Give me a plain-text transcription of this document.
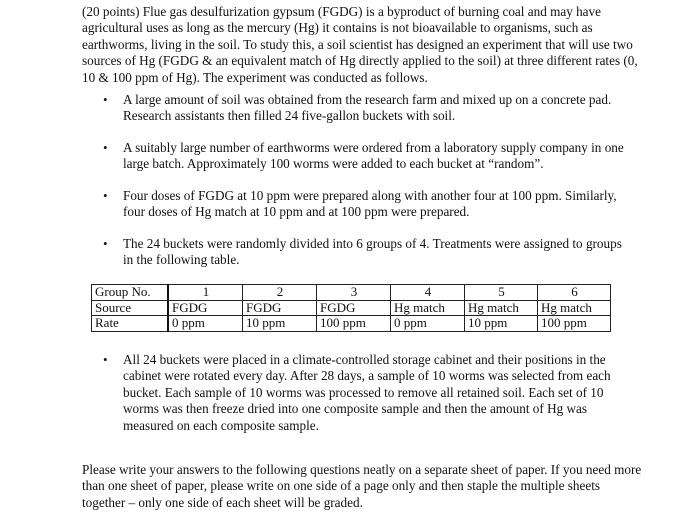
(20 points) Flue gas desulfurization gypsum (FGDG) is a byproduct of burning coal and may have agricultural uses as long as the mercury (Hg) it contains is not bioavailable to organisms, such as earthworms, living in the soil. To study this, a soil scientist has designed an experiment that will use two sources of Hg (FGDG & an equivalent match of Hg directly applied to the soil) at three different rates (0, 10 & 100 ppm of Hg). The experiment was conducted as follows.

• A large amount of soil was obtained from the research farm and mixed up on a concrete pad. Research assistants then filled 24 five-gallon buckets with soil.
• A suitably large number of earthworms were ordered from a laboratory supply company in one large batch. Approximately 100 worms were added to each bucket at “random”.
• Four doses of FGDG at 10 ppm were prepared along with another four at 100 ppm. Similarly, four doses of Hg match at 10 ppm and at 100 ppm were prepared.
• The 24 buckets were randomly divided into 6 groups of 4. Treatments were assigned to groups in the following table.
Group No.	1	2	3	4	5	6
Source	FGDG	FGDG	FGDG	Hg match	Hg match	Hg match
Rate	0 ppm	10 ppm	100 ppm	0 ppm	10 ppm	100 ppm
• All 24 buckets were placed in a climate-controlled storage cabinet and their positions in the cabinet were rotated every day. After 28 days, a sample of 10 worms was selected from each bucket. Each sample of 10 worms was processed to remove all retained soil. Each set of 10 worms was then freeze dried into one composite sample and then the amount of Hg was measured on each composite sample.

Please write your answers to the following questions neatly on a separate sheet of paper. If you need more than one sheet of paper, please write on one side of a page only and then staple the multiple sheets together – only one side of each sheet will be graded.
